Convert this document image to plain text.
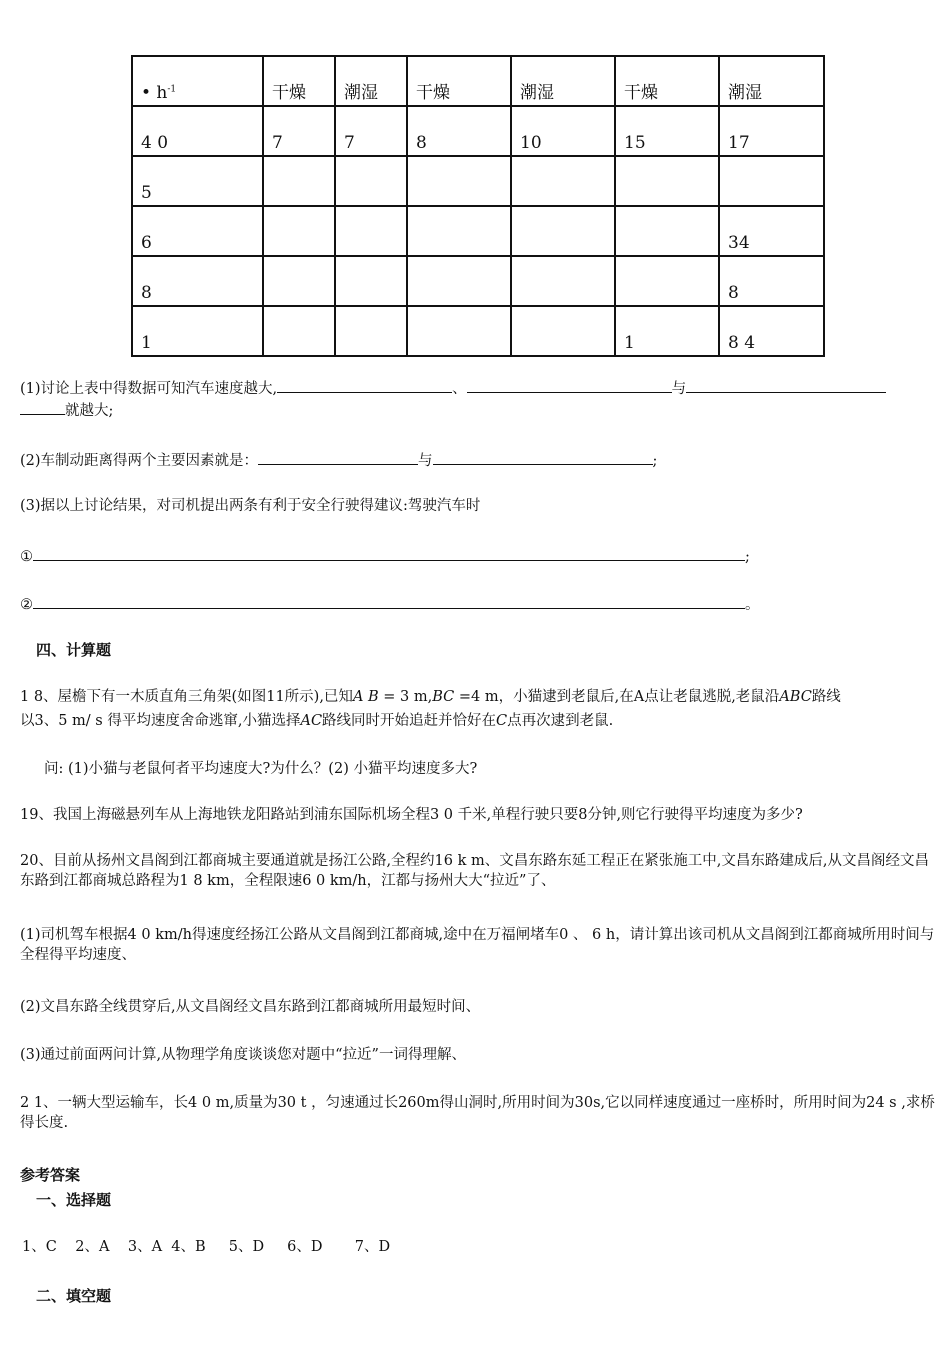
• $h^{-1}$	干燥	潮湿	干燥	潮湿	干燥	潮湿
4 0	7	7	8	10	15	17
5						
6						34
8						8
1					1	8 4
(1)讨论上表中得数据可知汽车速度越大,	、	与
就越大;
(2)车制动距离得两个主要因素就是：	与	;
(3)据以上讨论结果，对司机提出两条有利于安全行驶得建议:驾驶汽车时
①	;
②	。
四、计算题
1 8、屋檐下有一木质直角三角架(如图11所示),已知A B = 3 m,BC =4 m，小猫逮到老鼠后,在A点让老鼠逃脱,老鼠沿ABC路线
以3、5 m/ s 得平均速度舍命逃窜,小猫选择AC路线同时开始追赶并恰好在C点再次逮到老鼠.
问: (1)小猫与老鼠何者平均速度大?为什么？(2) 小猫平均速度多大?
19、我国上海磁悬列车从上海地铁龙阳路站到浦东国际机场全程3 0 千米,单程行驶只要8分钟,则它行驶得平均速度为多少?
20、目前从扬州文昌阁到江都商城主要通道就是扬江公路,全程约16 k m、文昌东路东延工程正在紧张施工中,文昌东路建成后,从文昌阁经文昌东路到江都商城总路程为1 8 km，全程限速6 0 km/h，江都与扬州大大“拉近”了、
(1)司机驾车根据4 0 km/h得速度经扬江公路从文昌阁到江都商城,途中在万福闸堵车0 、 6 h，请计算出该司机从文昌阁到江都商城所用时间与全程得平均速度、
(2)文昌东路全线贯穿后,从文昌阁经文昌东路到江都商城所用最短时间、
(3)通过前面两问计算,从物理学角度谈谈您对题中“拉近”一词得理解、
2 1、一辆大型运输车，长4 0 m,质量为30 t ，匀速通过长260m得山洞时,所用时间为30s,它以同样速度通过一座桥时，所用时间为24 s ,求桥得长度.
参考答案
一、选择题
1、C    2、A    3、A  4、B     5、D     6、D       7、D
二、填空题
